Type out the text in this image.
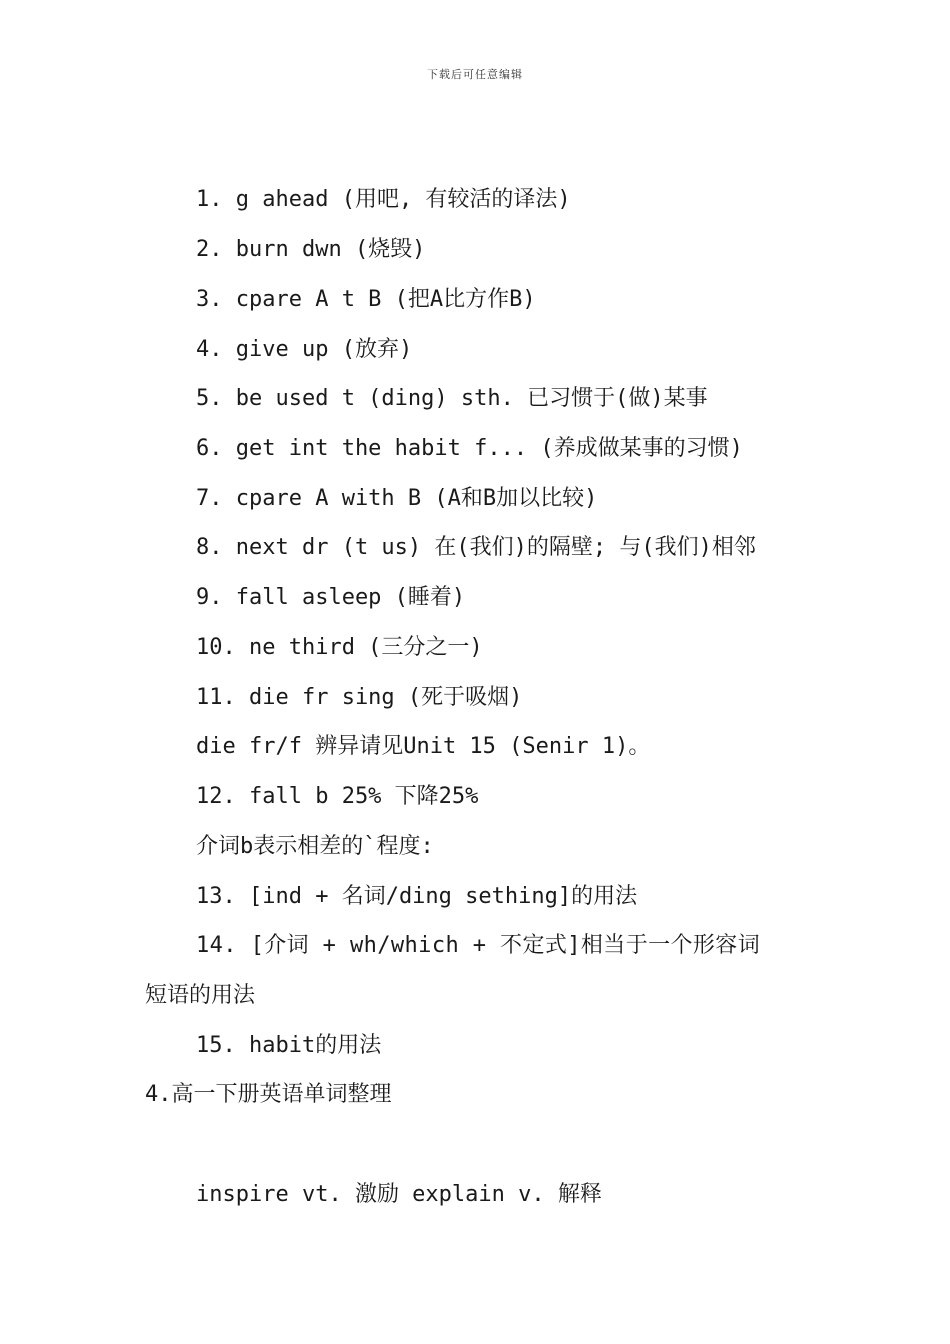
下载后可任意编辑
1. g ahead (用吧, 有较活的译法)
2. burn dwn (烧毁)
3. cpare A t B (把A比方作B)
4. give up (放弃)
5. be used t (ding) sth. 已习惯于(做)某事
6. get int the habit f... (养成做某事的习惯)
7. cpare A with B (A和B加以比较)
8. next dr (t us) 在(我们)的隔壁; 与(我们)相邻
9. fall asleep (睡着)
10. ne third (三分之一)
11. die fr sing (死于吸烟)
die fr/f 辨异请见Unit 15 (Senir 1)。
12. fall b 25% 下降25%
介词b表示相差的`程度:
13. [ind + 名词/ding sething]的用法
14. [介词 + wh/which + 不定式]相当于一个形容词
短语的用法
15. habit的用法
4.高一下册英语单词整理
inspire vt. 激励 explain v. 解释
